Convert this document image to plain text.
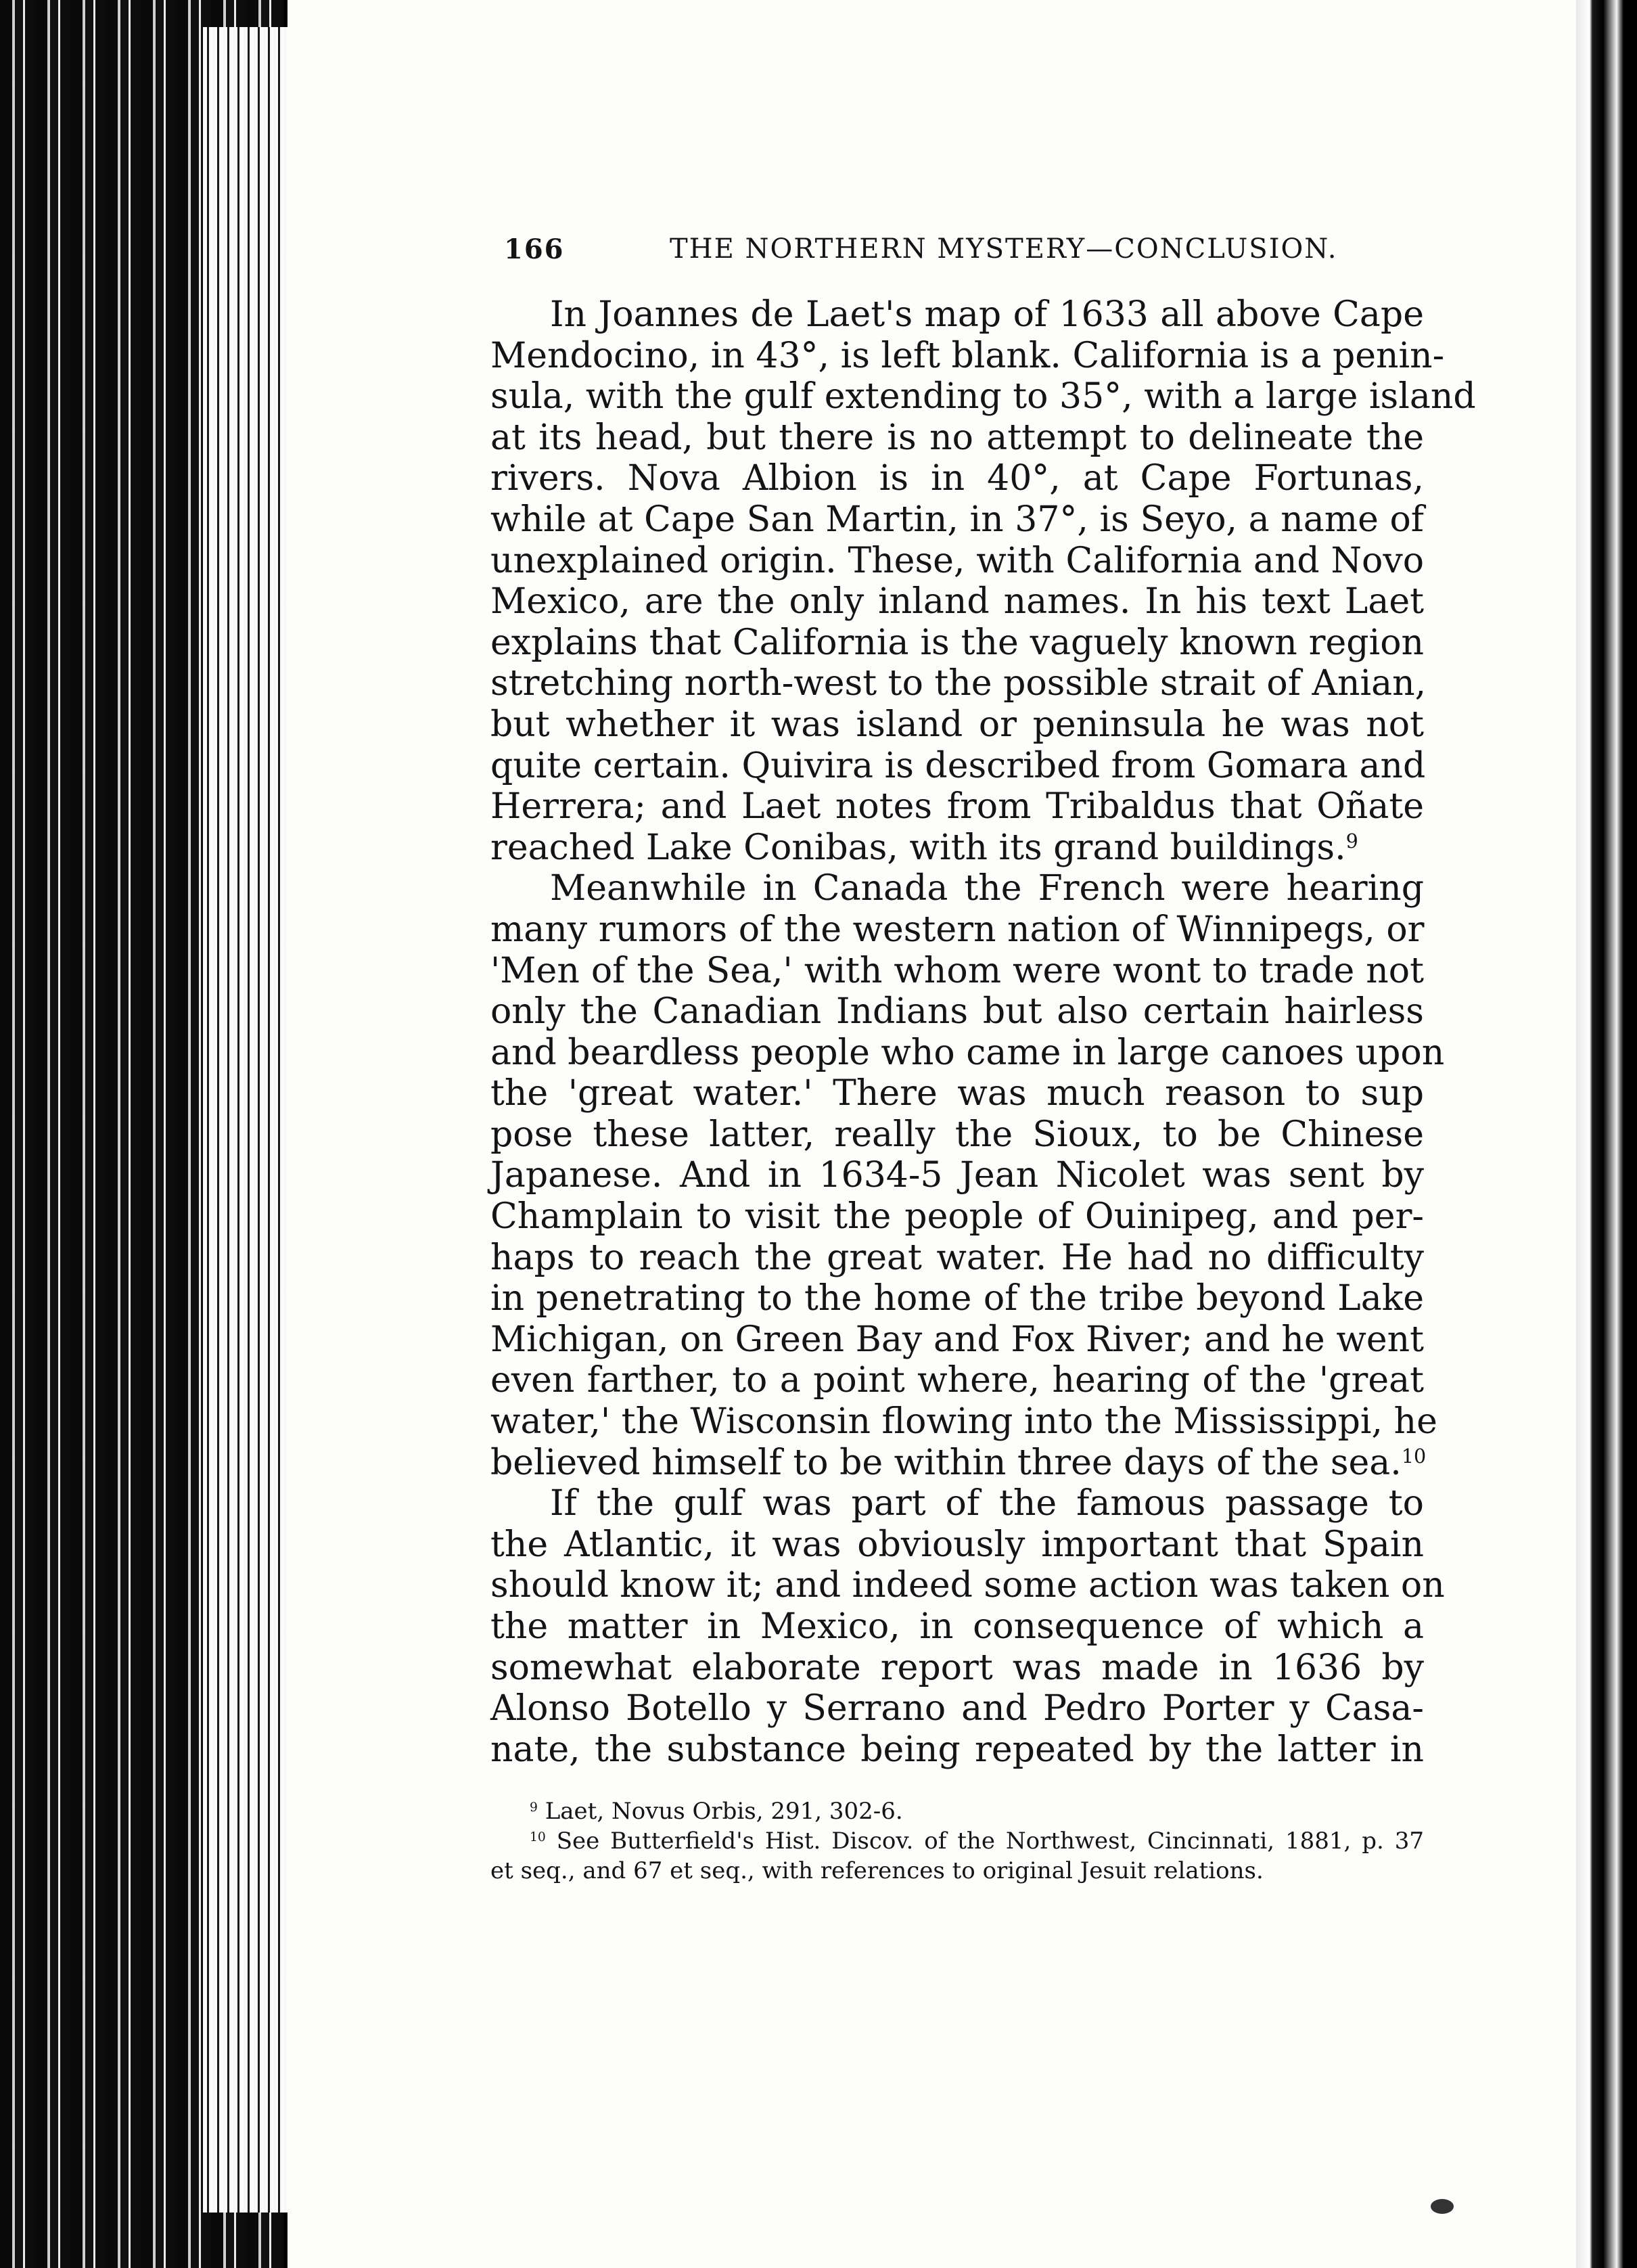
166	THE NORTHERN MYSTERY—CONCLUSION.
In Joannes de Laet's map of 1633 all above Cape
Mendocino, in 43°, is left blank. California is a penin-
sula, with the gulf extending to 35°, with a large island
at its head, but there is no attempt to delineate the
rivers. Nova Albion is in 40°, at Cape Fortunas,
while at Cape San Martin, in 37°, is Seyo, a name of
unexplained origin. These, with California and Novo
Mexico, are the only inland names. In his text Laet
explains that California is the vaguely known region
stretching north-west to the possible strait of Anian,
but whether it was island or peninsula he was not
quite certain. Quivira is described from Gomara and
Herrera; and Laet notes from Tribaldus that Oñate
reached Lake Conibas, with its grand buildings.$^9$
Meanwhile in Canada the French were hearing
many rumors of the western nation of Winnipegs, or
'Men of the Sea,' with whom were wont to trade not
only the Canadian Indians but also certain hairless
and beardless people who came in large canoes upon
the 'great water.' There was much reason to sup
pose these latter, really the Sioux, to be Chinese
Japanese. And in 1634-5 Jean Nicolet was sent by
Champlain to visit the people of Ouinipeg, and per-
haps to reach the great water. He had no difficulty
in penetrating to the home of the tribe beyond Lake
Michigan, on Green Bay and Fox River; and he went
even farther, to a point where, hearing of the 'great
water,' the Wisconsin flowing into the Mississippi, he
believed himself to be within three days of the sea.$^{10}$
If the gulf was part of the famous passage to
the Atlantic, it was obviously important that Spain
should know it; and indeed some action was taken on
the matter in Mexico, in consequence of which a
somewhat elaborate report was made in 1636 by
Alonso Botello y Serrano and Pedro Porter y Casa-
nate, the substance being repeated by the latter in
$^9$ Laet, Novus Orbis, 291, 302-6.
$^{10}$ See Butterfield's Hist. Discov. of the Northwest, Cincinnati, 1881, p. 37
et seq., and 67 et seq., with references to original Jesuit relations.
